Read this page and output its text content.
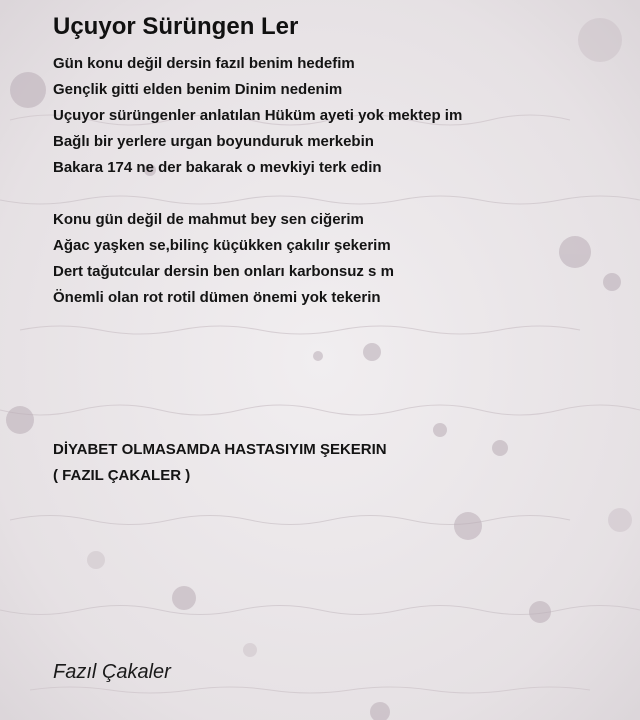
Uçuyor Sürüngen Ler
Gün konu değil dersin fazıl benim hedefim
Gençlik gitti elden benim Dinim nedenim
Uçuyor sürüngenler anlatılan Hüküm ayeti yok mektep im
Bağlı bir yerlere urgan boyunduruk merkebin
Bakara 174 ne der bakarak o mevkiyi terk edin
Konu gün değil de mahmut bey sen ciğerim
Ağac yaşken se,bilinç küçükken çakılır şekerim
Dert tağutcular dersin ben onları karbonsuz s m
Önemli olan rot rotil dümen önemi yok tekerin
DİYABET OLMASAMDA HASTASIYIM ŞEKERIN
( FAZIL ÇAKALER )
Fazıl Çakaler
